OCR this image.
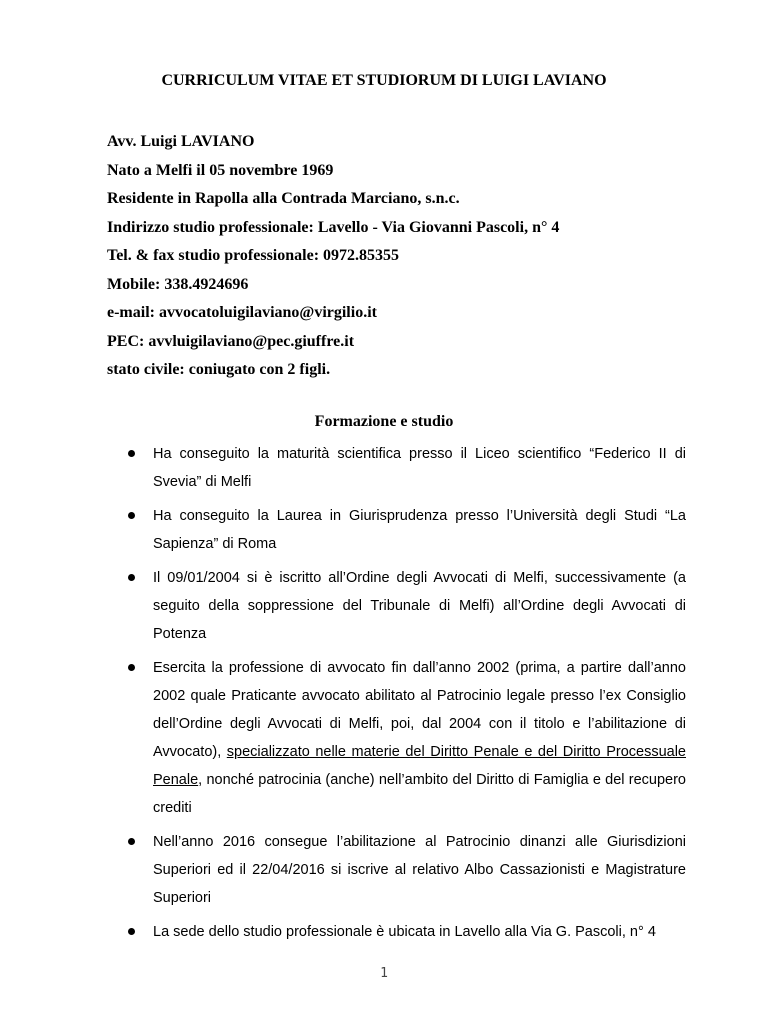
CURRICULUM VITAE ET STUDIORUM DI LUIGI LAVIANO
Avv. Luigi LAVIANO
Nato a Melfi il 05 novembre 1969
Residente in Rapolla alla Contrada Marciano, s.n.c.
Indirizzo studio professionale: Lavello - Via Giovanni Pascoli, n° 4
Tel. & fax studio professionale: 0972.85355
Mobile: 338.4924696
e-mail: avvocatoluigilaviano@virgilio.it
PEC: avvluigilaviano@pec.giuffre.it
stato civile: coniugato con 2 figli.
Formazione e studio
Ha conseguito la maturità scientifica presso il Liceo scientifico “Federico II di Svevia” di Melfi
Ha conseguito la Laurea in Giurisprudenza presso l’Università degli Studi “La Sapienza” di Roma
Il 09/01/2004 si è iscritto all’Ordine degli Avvocati di Melfi, successivamente (a seguito della soppressione del Tribunale di Melfi) all’Ordine degli Avvocati di Potenza
Esercita la professione di avvocato fin dall’anno 2002 (prima, a partire dall’anno 2002 quale Praticante avvocato abilitato al Patrocinio legale presso l’ex Consiglio dell’Ordine degli Avvocati di Melfi, poi, dal 2004 con il titolo e l’abilitazione di Avvocato), specializzato nelle materie del Diritto Penale e del Diritto Processuale Penale, nonché patrocinia (anche) nell’ambito del Diritto di Famiglia e del recupero crediti
Nell’anno 2016 consegue l’abilitazione al Patrocinio dinanzi alle Giurisdizioni Superiori ed il 22/04/2016 si iscrive al relativo Albo Cassazionisti e Magistrature Superiori
La sede dello studio professionale è ubicata in Lavello alla Via G. Pascoli, n° 4
1
